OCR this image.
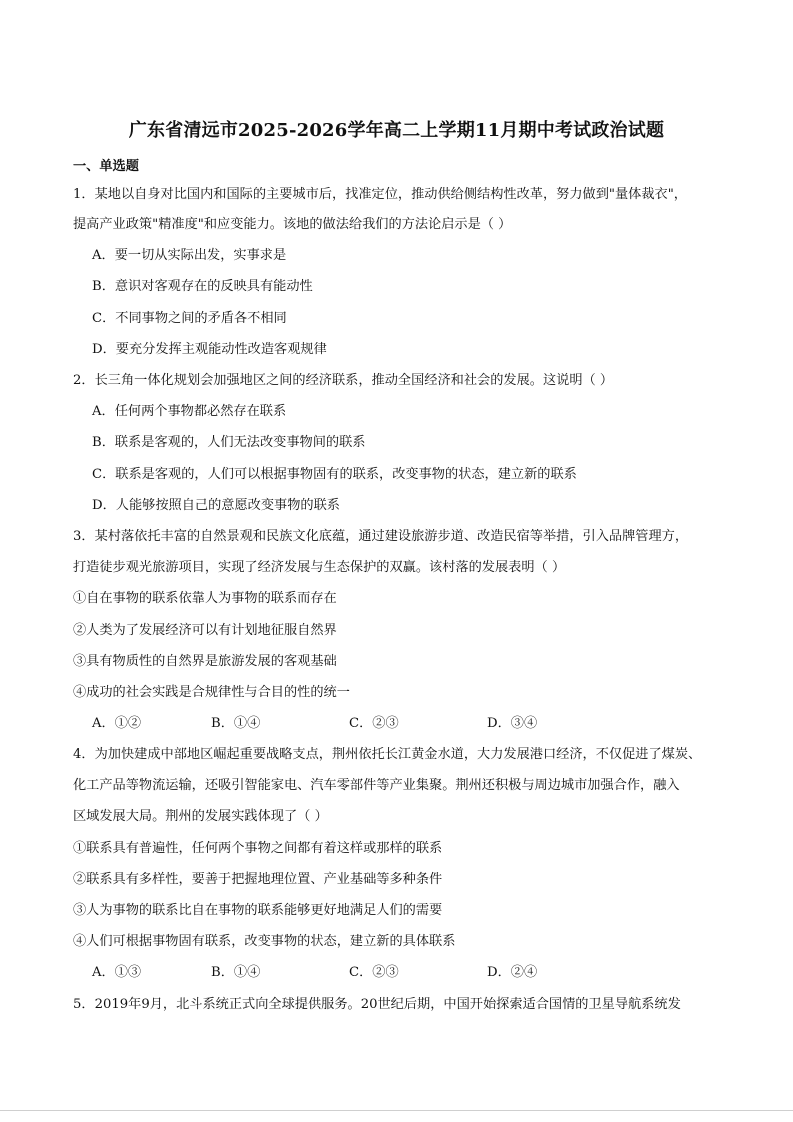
广东省清远市2025-2026学年高二上学期11月期中考试政治试题
一、单选题
1．某地以自身对比国内和国际的主要城市后，找准定位，推动供给侧结构性改革，努力做到"量体裁衣"，
提高产业政策"精准度"和应变能力。该地的做法给我们的方法论启示是（ ）
A．要一切从实际出发，实事求是
B．意识对客观存在的反映具有能动性
C．不同事物之间的矛盾各不相同
D．要充分发挥主观能动性改造客观规律
2．长三角一体化规划会加强地区之间的经济联系，推动全国经济和社会的发展。这说明（ ）
A．任何两个事物都必然存在联系
B．联系是客观的，人们无法改变事物间的联系
C．联系是客观的，人们可以根据事物固有的联系，改变事物的状态，建立新的联系
D．人能够按照自己的意愿改变事物的联系
3．某村落依托丰富的自然景观和民族文化底蕴，通过建设旅游步道、改造民宿等举措，引入品牌管理方，
打造徒步观光旅游项目，实现了经济发展与生态保护的双赢。该村落的发展表明（ ）
①自在事物的联系依靠人为事物的联系而存在
②人类为了发展经济可以有计划地征服自然界
③具有物质性的自然界是旅游发展的客观基础
④成功的社会实践是合规律性与合目的性的统一
A．①②	B．①④	C．②③	D．③④
4．为加快建成中部地区崛起重要战略支点，荆州依托长江黄金水道，大力发展港口经济，不仅促进了煤炭、
化工产品等物流运输，还吸引智能家电、汽车零部件等产业集聚。荆州还积极与周边城市加强合作，融入
区域发展大局。荆州的发展实践体现了（ ）
①联系具有普遍性，任何两个事物之间都有着这样或那样的联系
②联系具有多样性，要善于把握地理位置、产业基础等多种条件
③人为事物的联系比自在事物的联系能够更好地满足人们的需要
④人们可根据事物固有联系，改变事物的状态，建立新的具体联系
A．①③	B．①④	C．②③	D．②④
5．2019年9月，北斗系统正式向全球提供服务。20世纪后期，中国开始探索适合国情的卫星导航系统发
